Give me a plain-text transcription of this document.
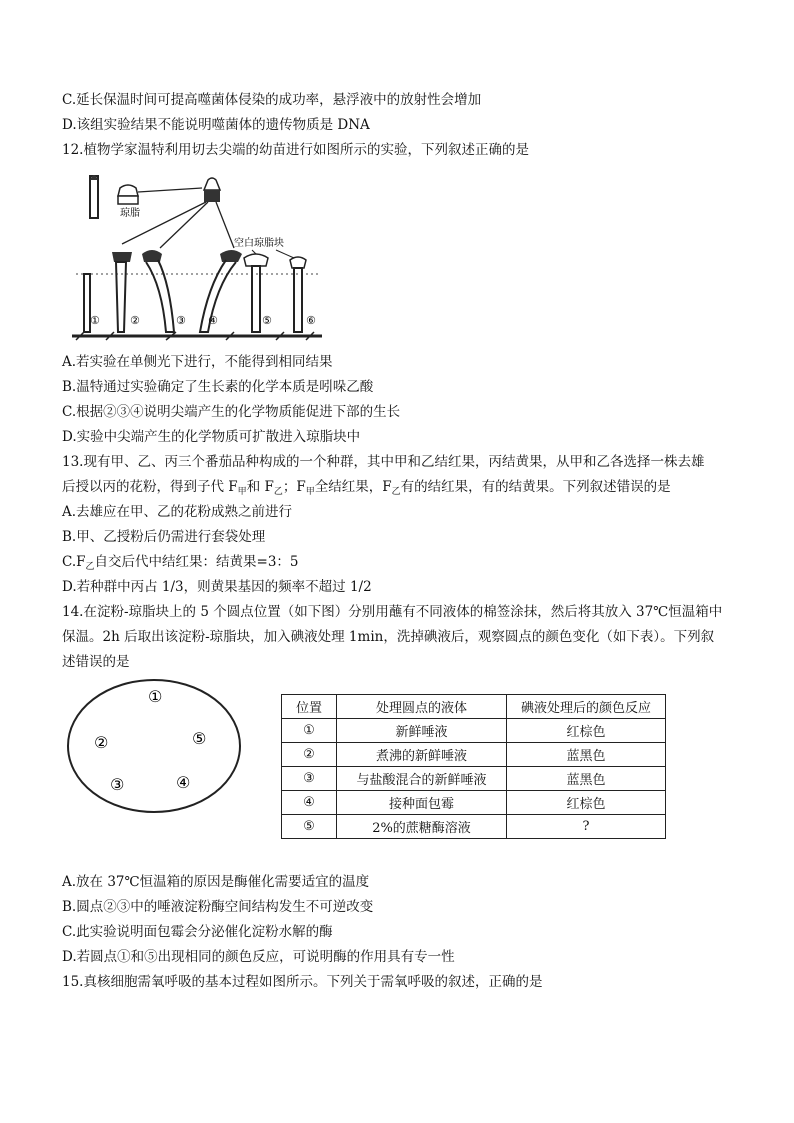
C.延长保温时间可提高噬菌体侵染的成功率，悬浮液中的放射性会增加
D.该组实验结果不能说明噬菌体的遗传物质是 DNA
12.植物学家温特利用切去尖端的幼苗进行如图所示的实验，下列叙述正确的是
琼脂
空白琼脂块
①	②	③ ④	⑤	⑥
A.若实验在单侧光下进行，不能得到相同结果
B.温特通过实验确定了生长素的化学本质是吲哚乙酸
C.根据②③④说明尖端产生的化学物质能促进下部的生长
D.实验中尖端产生的化学物质可扩散进入琼脂块中
13.现有甲、乙、丙三个番茄品种构成的一个种群，其中甲和乙结红果，丙结黄果，从甲和乙各选择一株去雄
后授以丙的花粉，得到子代 $F_甲$和 $F_乙$；$F_甲$全结红果，$F_乙$有的结红果，有的结黄果。下列叙述错误的是
A.去雄应在甲、乙的花粉成熟之前进行
B.甲、乙授粉后仍需进行套袋处理
$C.F_乙$自交后代中结红果：结黄果=3：5
D.若种群中丙占 1/3，则黄果基因的频率不超过 1/2
14.在淀粉-琼脂块上的 5 个圆点位置（如下图）分别用蘸有不同液体的棉签涂抹，然后将其放入 37℃恒温箱中
保温。2h 后取出该淀粉-琼脂块，加入碘液处理 1min，洗掉碘液后，观察圆点的颜色变化（如下表）。下列叙
述错误的是
①
②
③	④
⑤
位置	处理圆点的液体	碘液处理后的颜色反应
①	新鲜唾液	红棕色
②	煮沸的新鲜唾液	蓝黑色
③	与盐酸混合的新鲜唾液	蓝黑色
④	接种面包霉	红棕色
⑤	2%的蔗糖酶溶液	?
A.放在 37℃恒温箱的原因是酶催化需要适宜的温度
B.圆点②③中的唾液淀粉酶空间结构发生不可逆改变
C.此实验说明面包霉会分泌催化淀粉水解的酶
D.若圆点①和⑤出现相同的颜色反应，可说明酶的作用具有专一性
15.真核细胞需氧呼吸的基本过程如图所示。下列关于需氧呼吸的叙述，正确的是
